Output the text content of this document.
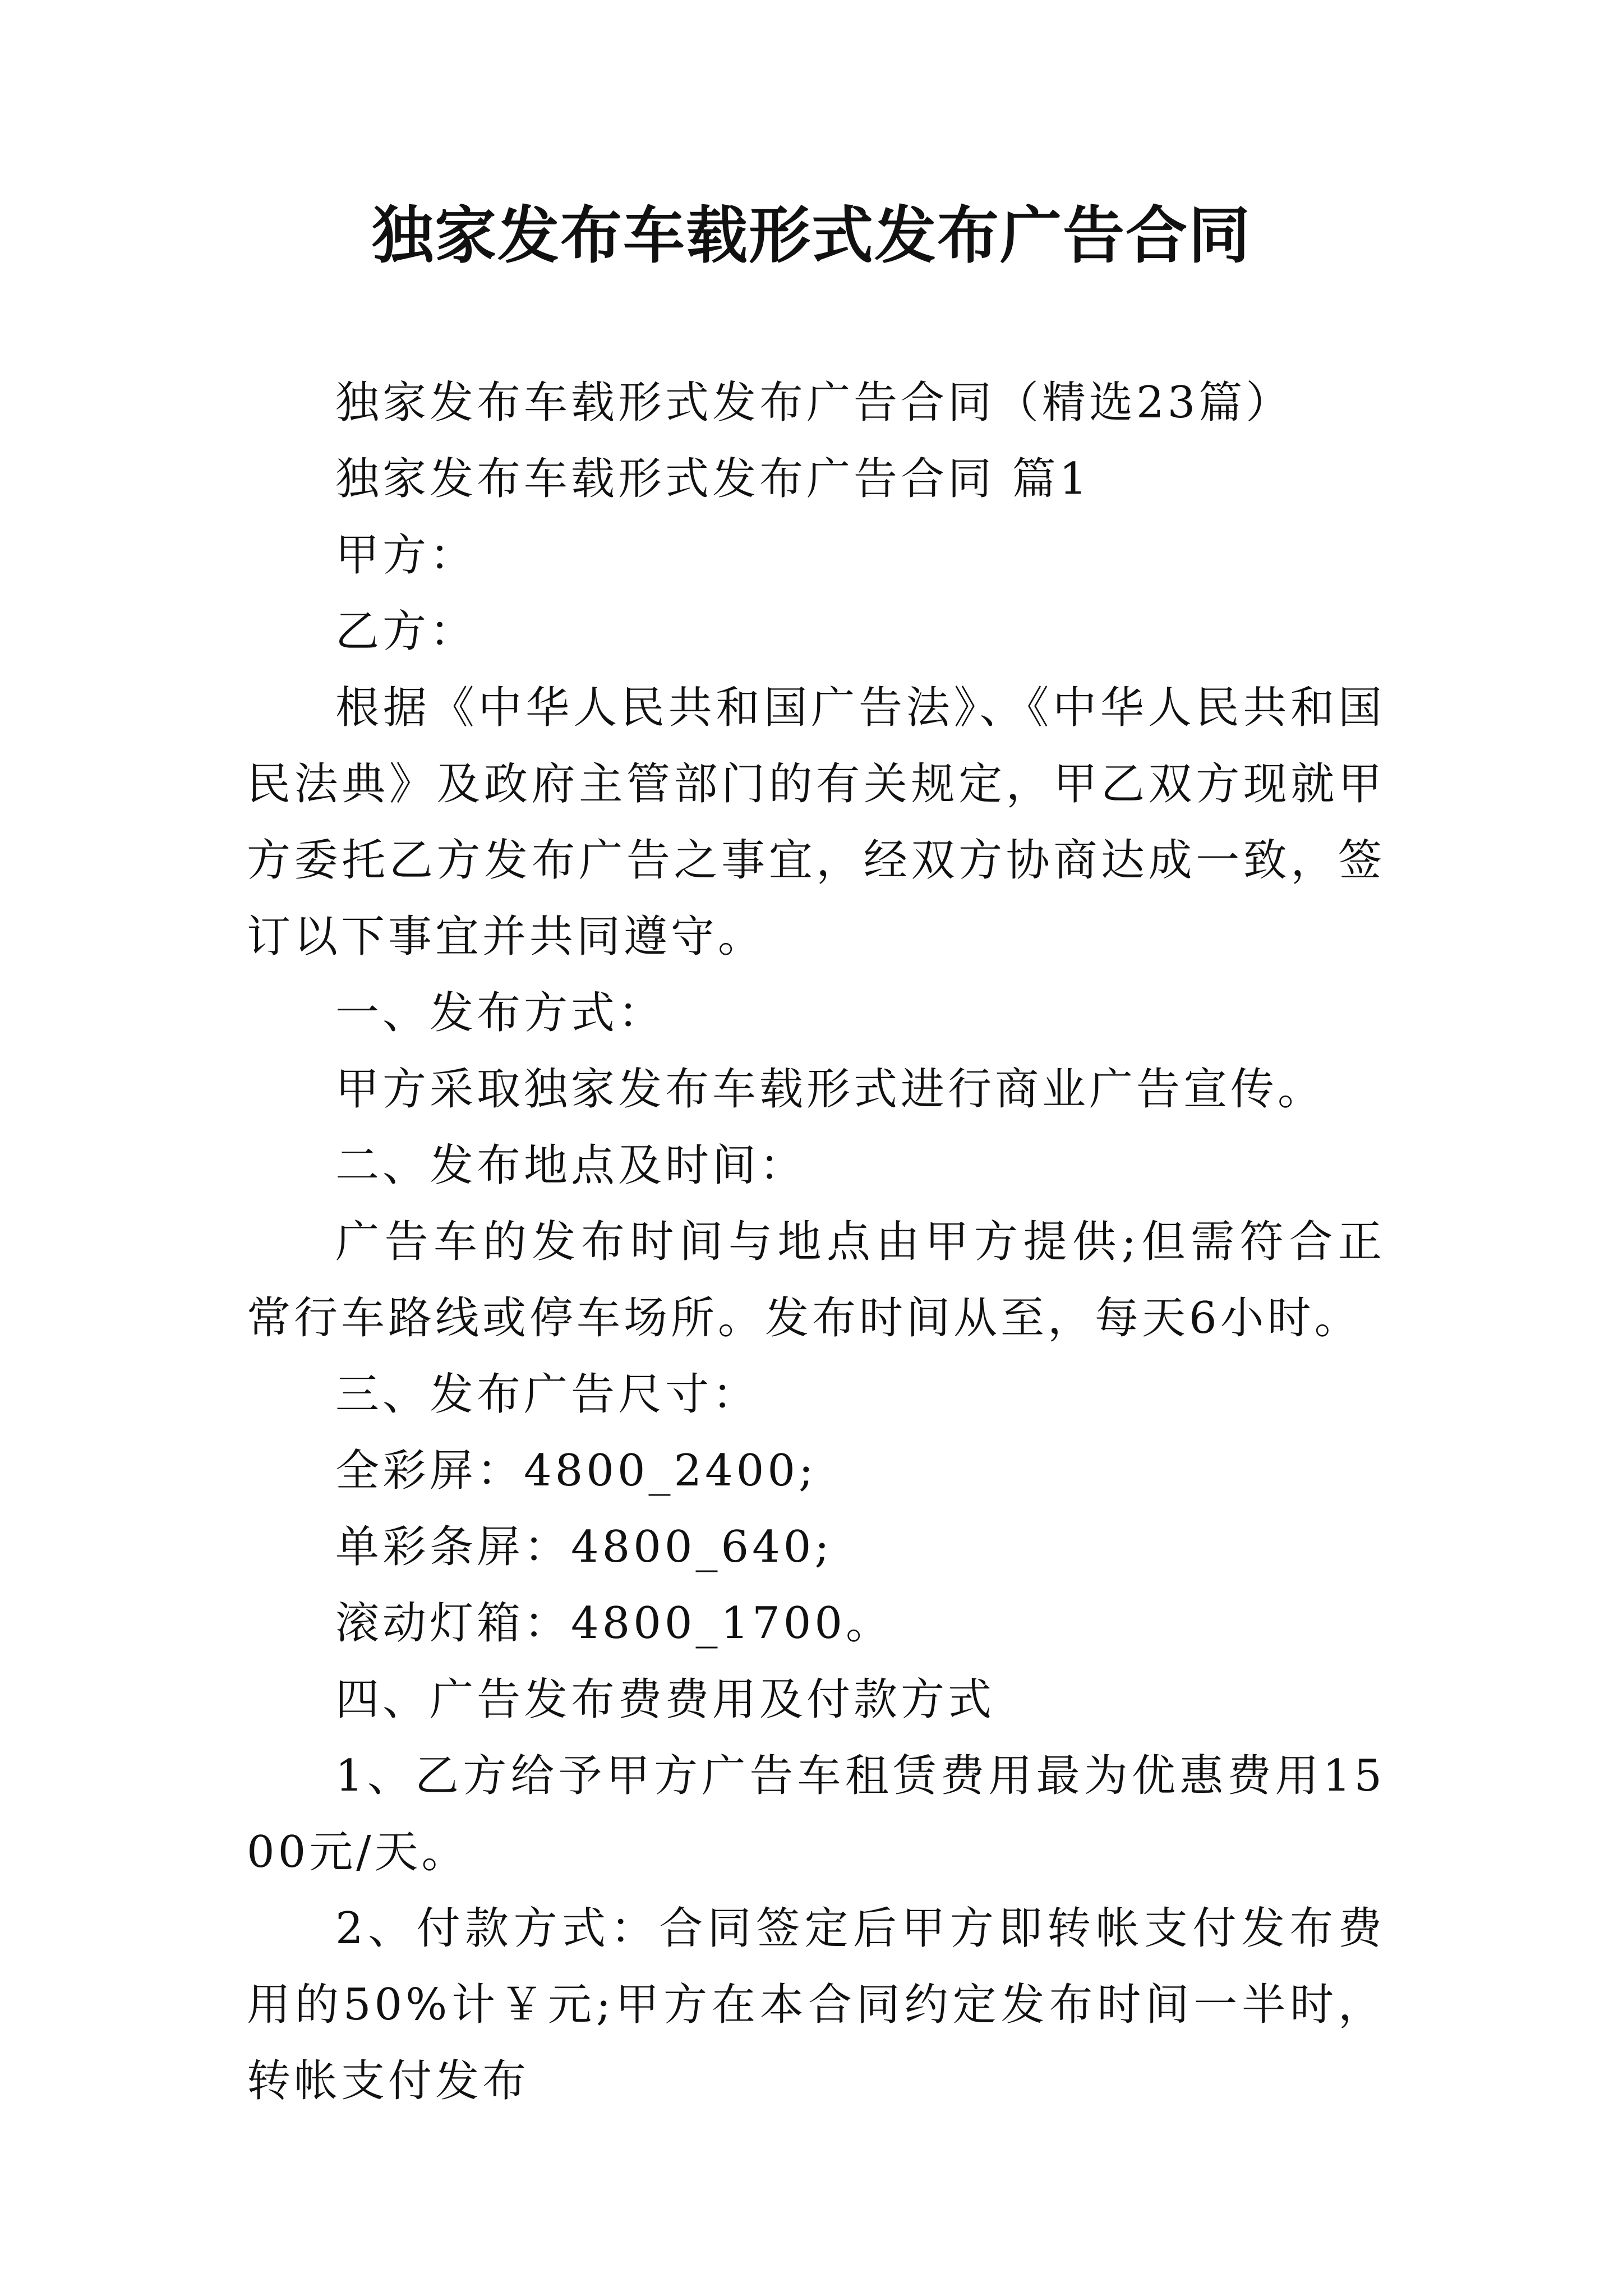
独家发布车载形式发布广告合同

独家发布车载形式发布广告合同（精选23篇）

独家发布车载形式发布广告合同 篇1

甲方：

乙方：

根据《中华人民共和国广告法》、《中华人民共和国民法典》及政府主管部门的有关规定，甲乙双方现就甲方委托乙方发布广告之事宜，经双方协商达成一致，签订以下事宜并共同遵守。

一、发布方式：

甲方采取独家发布车载形式进行商业广告宣传。

二、发布地点及时间：

广告车的发布时间与地点由甲方提供;但需符合正常行车路线或停车场所。发布时间从至，每天6小时。

三、发布广告尺寸：

全彩屏：4800_2400;

单彩条屏：4800_640;

滚动灯箱：4800_1700。

四、广告发布费费用及付款方式

1、乙方给予甲方广告车租赁费用最为优惠费用1500元/天。

2、付款方式：合同签定后甲方即转帐支付发布费用的50%计￥元;甲方在本合同约定发布时间一半时，转帐支付发布
